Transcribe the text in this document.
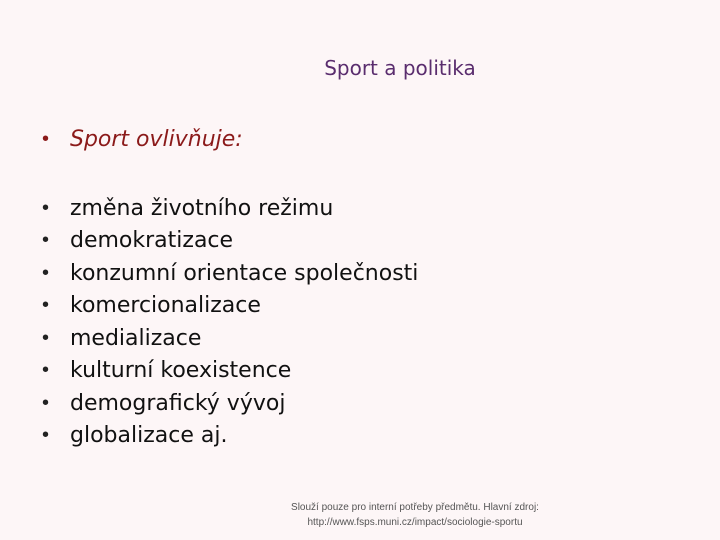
Sport a politika
• Sport ovlivňuje:
• změna životního režimu
• demokratizace
• konzumní orientace společnosti
• komercionalizace
• medializace
• kulturní koexistence
• demografický vývoj
• globalizace aj.
Slouží pouze pro interní potřeby předmětu. Hlavní zdroj:
http://www.fsps.muni.cz/impact/sociologie-sportu
